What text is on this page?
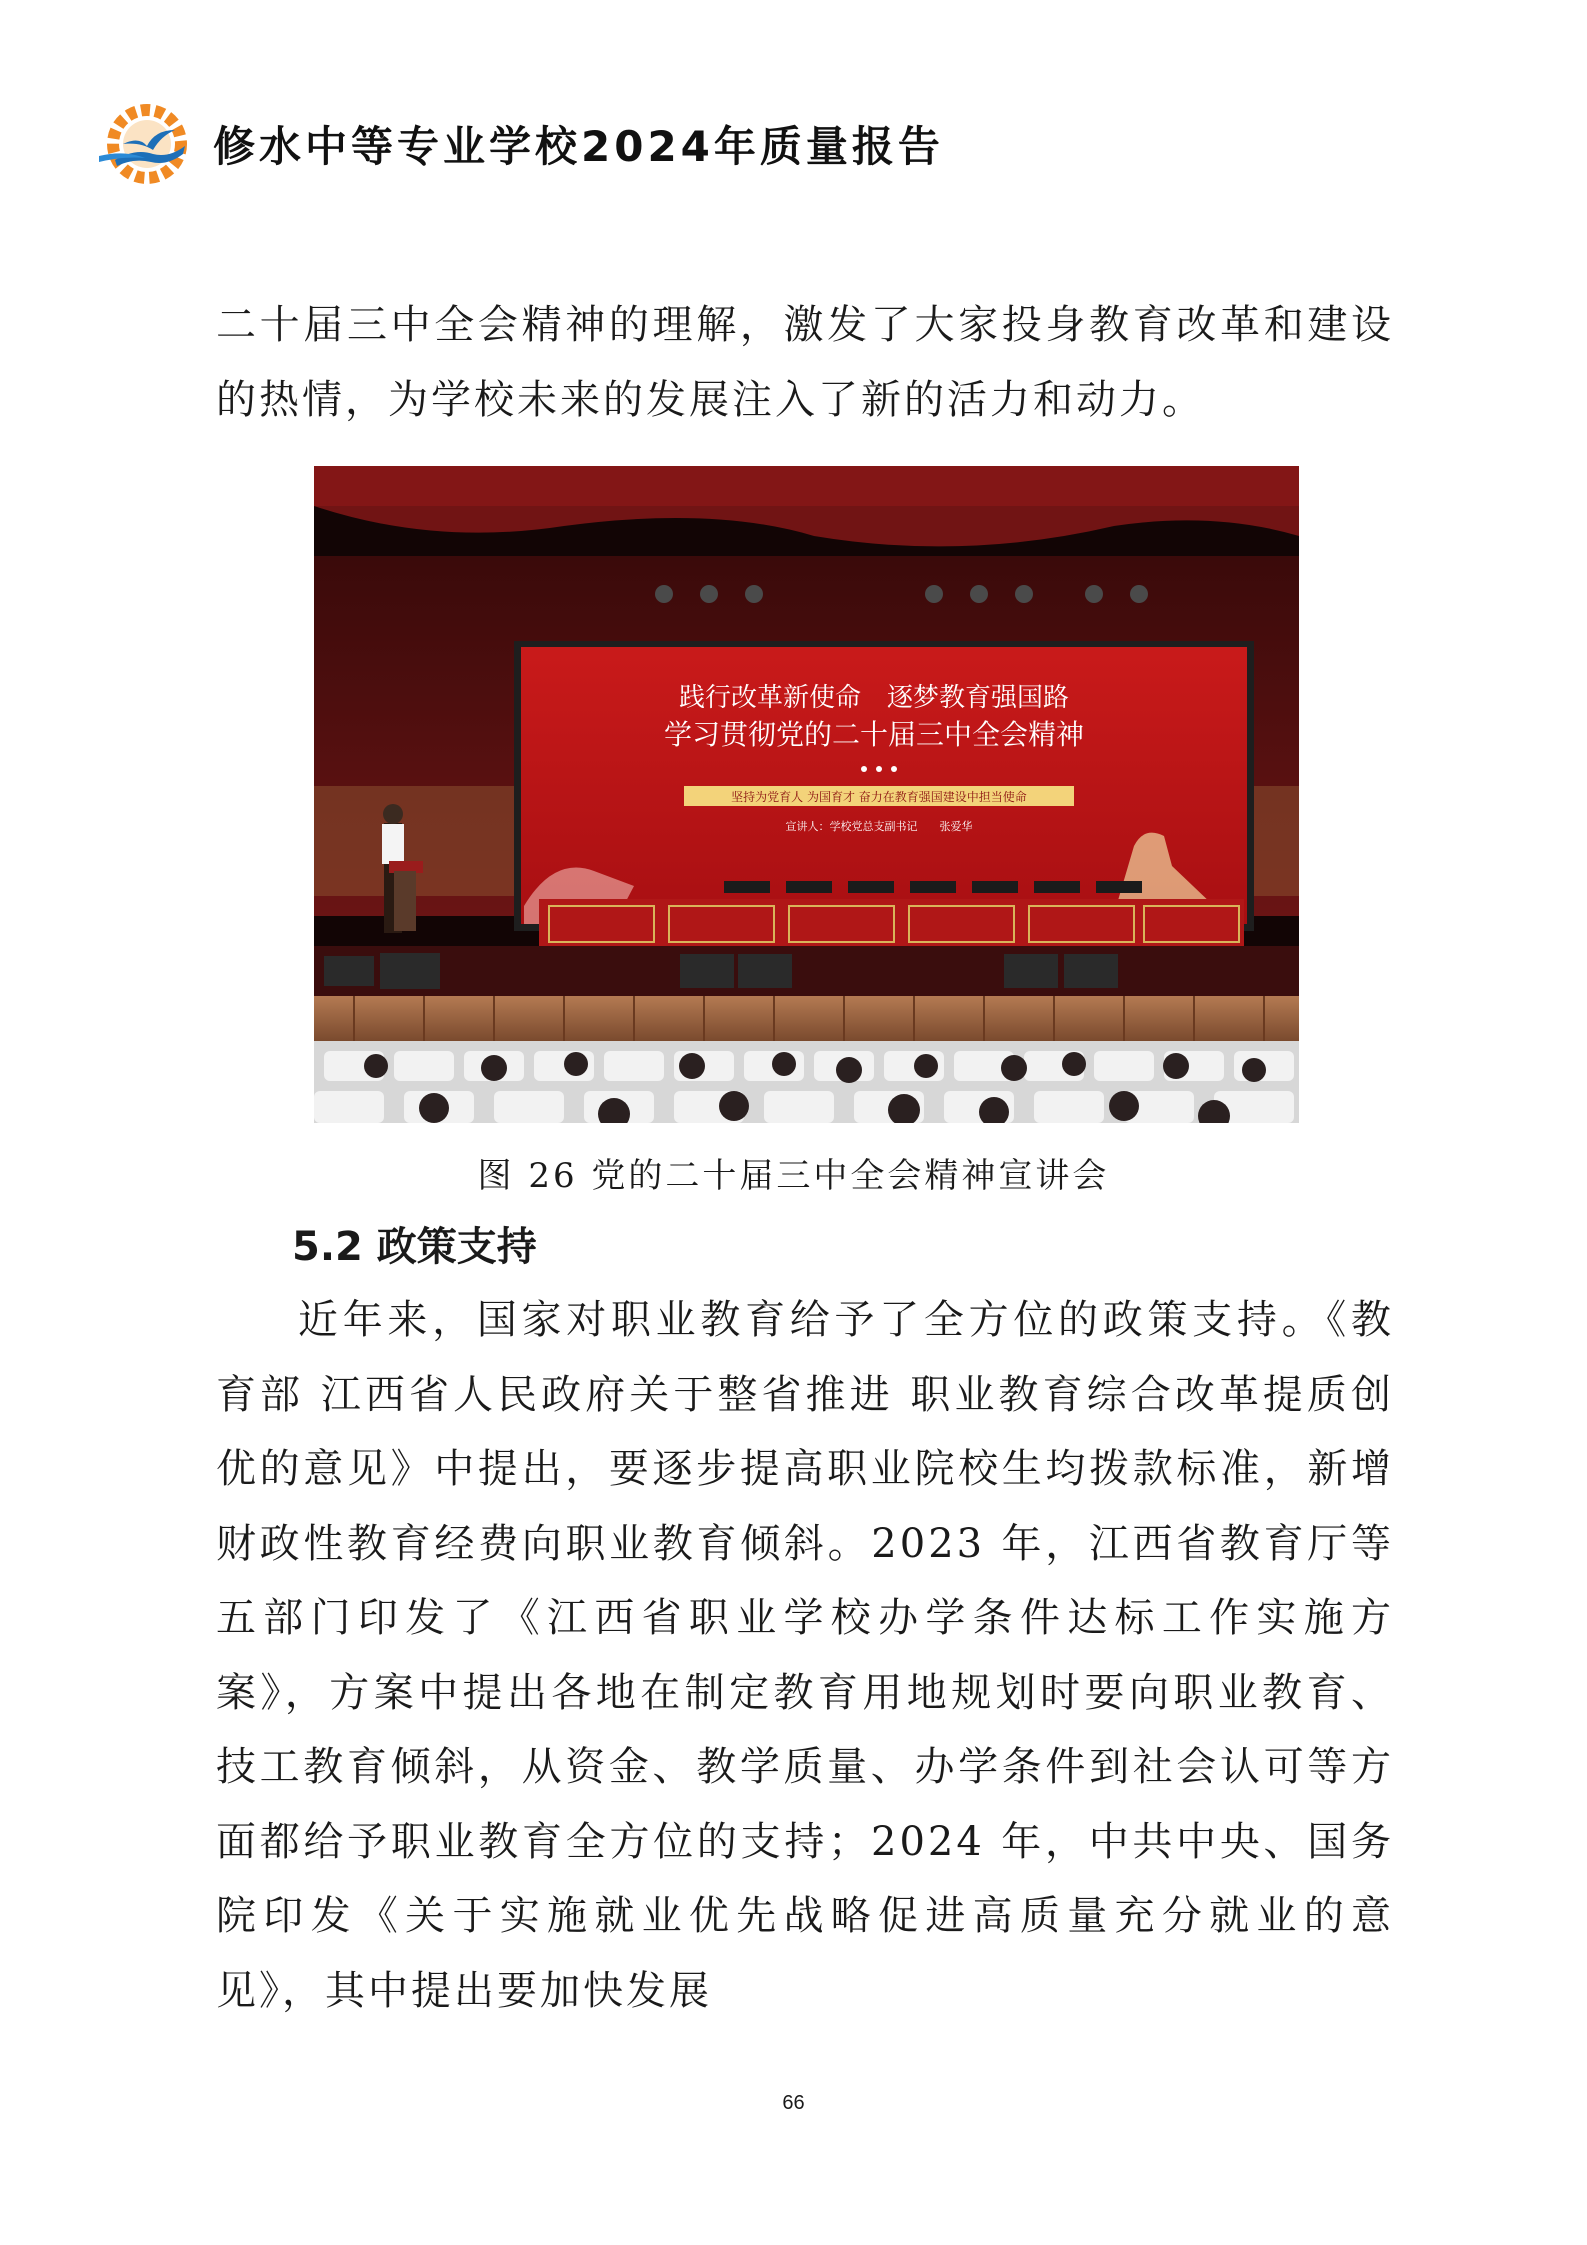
修水中等专业学校2024年质量报告

二十届三中全会精神的理解，激发了大家投身教育改革和建设的热情，为学校未来的发展注入了新的活力和动力。

践行改革新使命　逐梦教育强国路
学习贯彻党的二十届三中全会精神
坚持为党育人 为国育才 奋力在教育强国建设中担当使命
宣讲人：学校党总支副书记　　张爱华
图 26 党的二十届三中全会精神宣讲会
5.2 政策支持

近年来，国家对职业教育给予了全方位的政策支持。《教育部 江西省人民政府关于整省推进 职业教育综合改革提质创优的意见》中提出，要逐步提高职业院校生均拨款标准，新增财政性教育经费向职业教育倾斜。2023 年，江西省教育厅等五部门印发了《江西省职业学校办学条件达标工作实施方案》，方案中提出各地在制定教育用地规划时要向职业教育、技工教育倾斜，从资金、教学质量、办学条件到社会认可等方面都给予职业教育全方位的支持；2024 年，中共中央、国务院印发《关于实施就业优先战略促进高质量充分就业的意见》，其中提出要加快发展

66
